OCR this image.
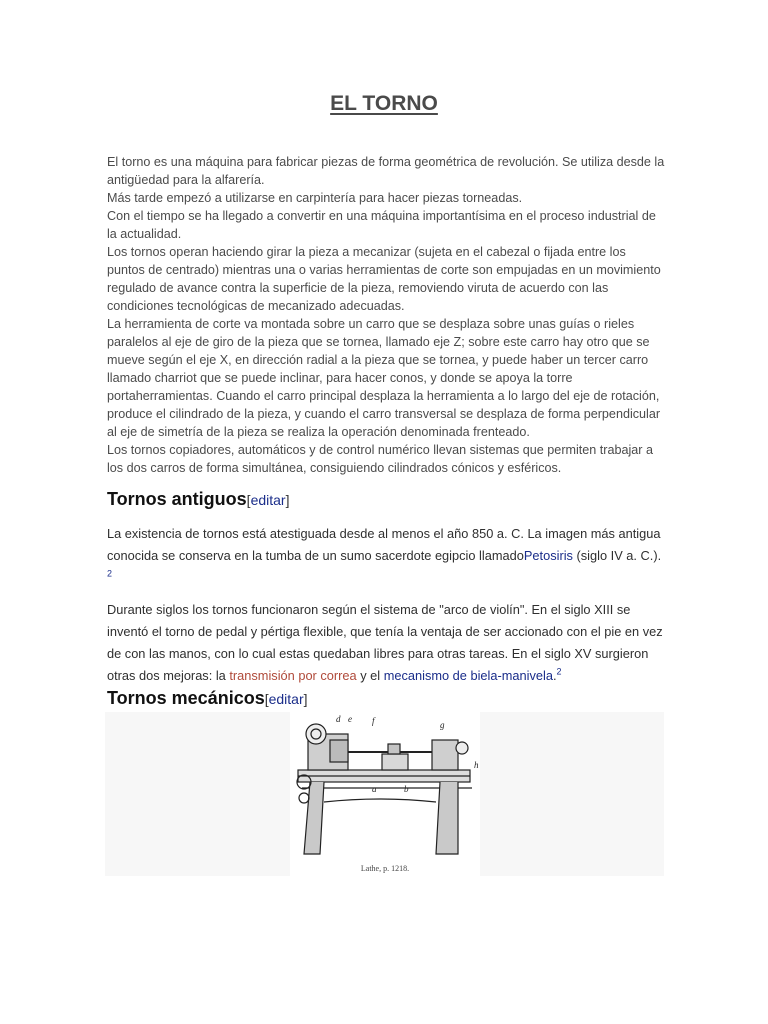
EL TORNO

El torno es una máquina para fabricar piezas de forma geométrica de revolución. Se utiliza desde la antigüedad para la alfarería.

Más tarde empezó a utilizarse en carpintería para hacer piezas torneadas.

Con el tiempo se ha llegado a convertir en una máquina importantísima en el proceso industrial de la actualidad.

Los tornos operan haciendo girar la pieza a mecanizar (sujeta en el cabezal o fijada entre los puntos de centrado) mientras una o varias herramientas de corte son empujadas en un movimiento regulado de avance contra la superficie de la pieza, removiendo viruta de acuerdo con las condiciones tecnológicas de mecanizado adecuadas.

La herramienta de corte va montada sobre un carro que se desplaza sobre unas guías o rieles paralelos al eje de giro de la pieza que se tornea, llamado eje Z; sobre este carro hay otro que se mueve según el eje X, en dirección radial a la pieza que se tornea, y puede haber un tercer carro llamado charriot que se puede inclinar, para hacer conos, y donde se apoya la torre portaherramientas. Cuando el carro principal desplaza la herramienta a lo largo del eje de rotación, produce el cilindrado de la pieza, y cuando el carro transversal se desplaza de forma perpendicular al eje de simetría de la pieza se realiza la operación denominada frenteado.

Los tornos copiadores, automáticos y de control numérico llevan sistemas que permiten trabajar a los dos carros de forma simultánea, consiguiendo cilindrados cónicos y esféricos.

Tornos antiguos[editar]

La existencia de tornos está atestiguada desde al menos el año 850 a. C. La imagen más antigua conocida se conserva en la tumba de un sumo sacerdote egipcio llamadoPetosiris (siglo IV a. C.). $^2$

Durante siglos los tornos funcionaron según el sistema de "arco de violín". En el siglo XIII se inventó el torno de pedal y pértiga flexible, que tenía la ventaja de ser accionado con el pie en vez de con las manos, con lo cual estas quedaban libres para otras tareas. En el siglo XV surgieron otras dos mejoras: la transmisión por correa y el mecanismo de biela-manivela.$^2$

Tornos mecánicos[editar]
d e f	g
a	b
h
Lathe, p. 1218.
